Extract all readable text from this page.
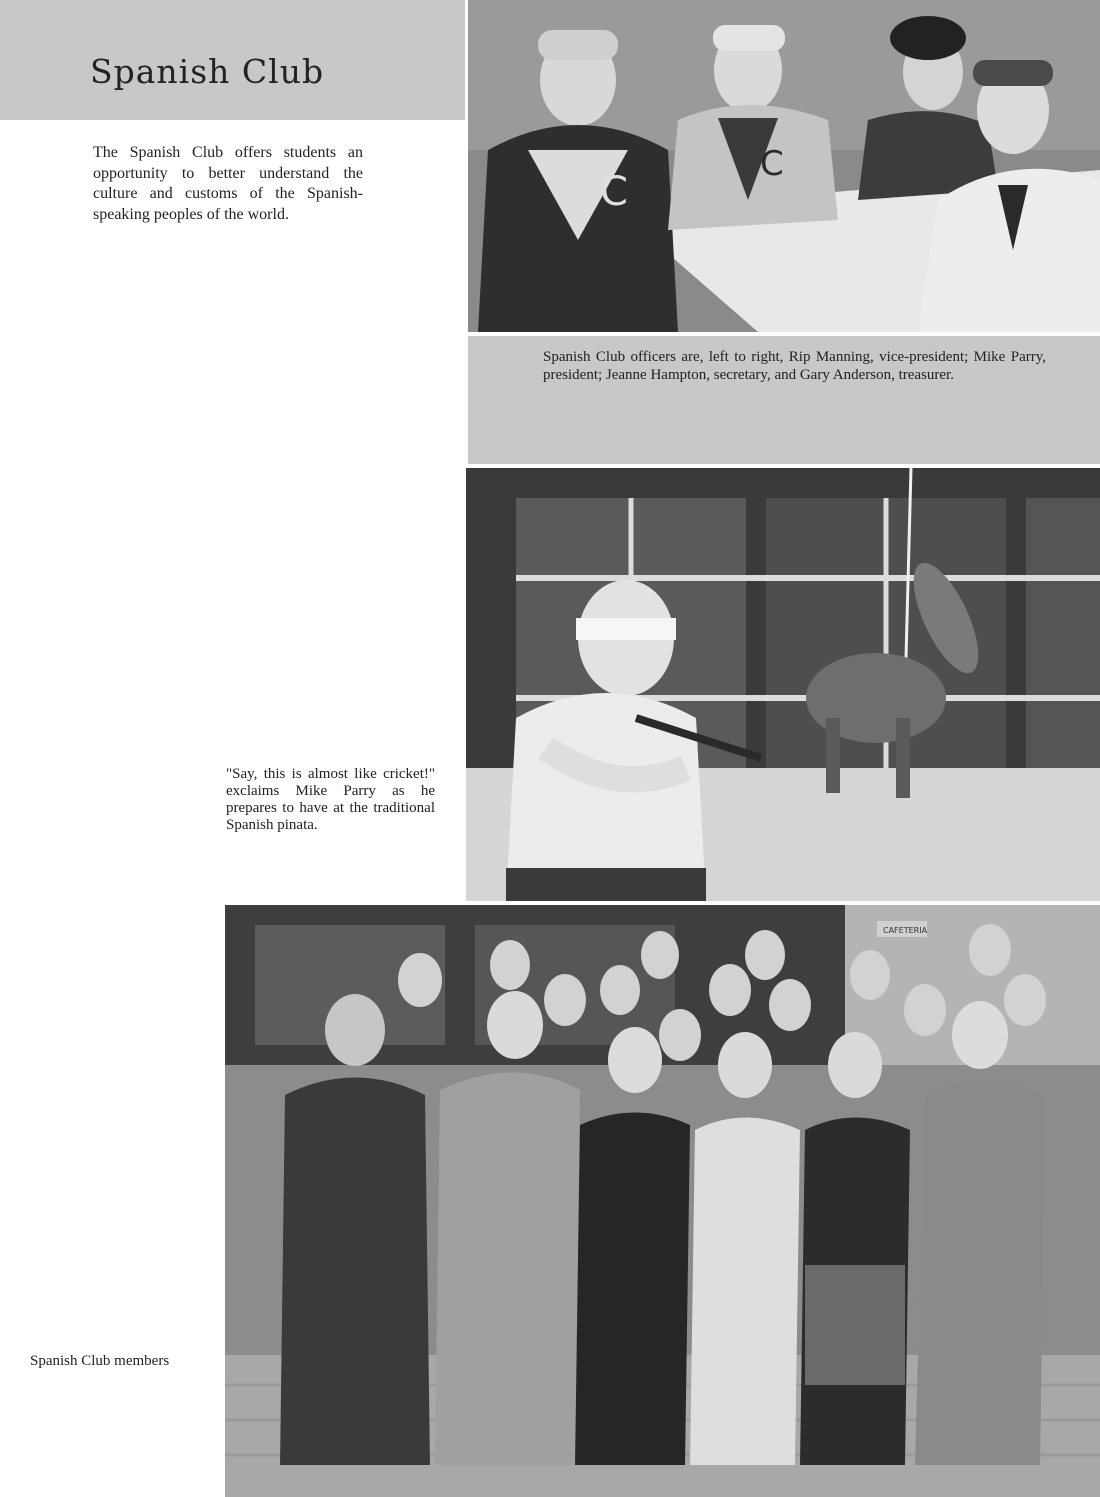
Spanish Club

The Spanish Club offers students an opportunity to better understand the culture and customs of the Spanish-speaking peoples of the world.	C
C

Spanish Club officers are, left to right, Rip Manning, vice-president; Mike Parry, president; Jeanne Hampton, secretary, and Gary Anderson, treasurer.

"Say, this is almost like cricket!" exclaims Mike Parry as he prepares to have at the traditional Spanish pinata.

CAFETERIA

Spanish Club members
